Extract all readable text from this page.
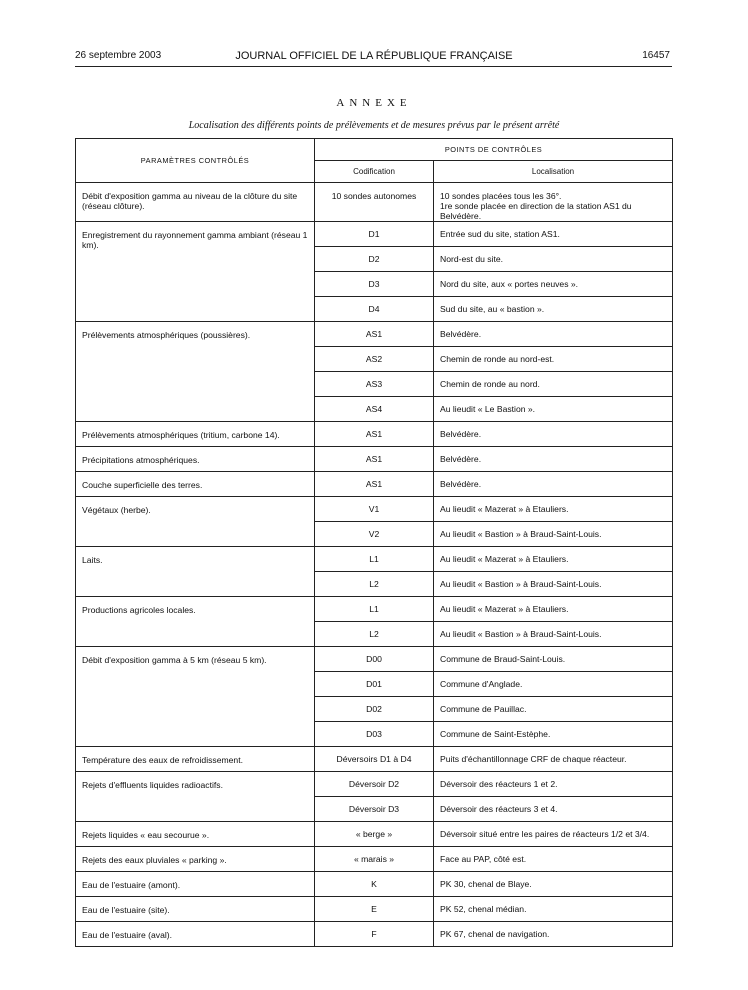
26 septembre 2003	JOURNAL OFFICIEL DE LA RÉPUBLIQUE FRANÇAISE	16457
ANNEXE
Localisation des différents points de prélèvements et de mesures prévus par le présent arrêté
PARAMÈTRES CONTRÔLÉS	POINTS DE CONTRÔLES	
	Codification	Localisation
Débit d'exposition gamma au niveau de la clôture du site (réseau clôture).	10 sondes autonomes	10 sondes placées tous les 36°.
1re sonde placée en direction de la station AS1 du Belvédère.
Enregistrement du rayonnement gamma ambiant (réseau 1 km).	D1	Entrée sud du site, station AS1.
	D2	Nord-est du site.
	D3	Nord du site, aux « portes neuves ».
	D4	Sud du site, au « bastion ».
Prélèvements atmosphériques (poussières).	AS1	Belvédère.
	AS2	Chemin de ronde au nord-est.
	AS3	Chemin de ronde au nord.
	AS4	Au lieudit « Le Bastion ».
Prélèvements atmosphériques (tritium, carbone 14).	AS1	Belvédère.
Précipitations atmosphériques.	AS1	Belvédère.
Couche superficielle des terres.	AS1	Belvédère.
Végétaux (herbe).	V1	Au lieudit « Mazerat » à Etauliers.
	V2	Au lieudit « Bastion » à Braud-Saint-Louis.
Laits.	L1	Au lieudit « Mazerat » à Etauliers.
	L2	Au lieudit « Bastion » à Braud-Saint-Louis.
Productions agricoles locales.	L1	Au lieudit « Mazerat » à Etauliers.
	L2	Au lieudit « Bastion » à Braud-Saint-Louis.
Débit d'exposition gamma à 5 km (réseau 5 km).	D00	Commune de Braud-Saint-Louis.
	D01	Commune d'Anglade.
	D02	Commune de Pauillac.
	D03	Commune de Saint-Estèphe.
Température des eaux de refroidissement.	Déversoirs D1 à D4	Puits d'échantillonnage CRF de chaque réacteur.
Rejets d'effluents liquides radioactifs.	Déversoir D2	Déversoir des réacteurs 1 et 2.
	Déversoir D3	Déversoir des réacteurs 3 et 4.
Rejets liquides « eau secourue ».	« berge »	Déversoir situé entre les paires de réacteurs 1/2 et 3/4.
Rejets des eaux pluviales « parking ».	« marais »	Face au PAP, côté est.
Eau de l'estuaire (amont).	K	PK 30, chenal de Blaye.
Eau de l'estuaire (site).	E	PK 52, chenal médian.
Eau de l'estuaire (aval).	F	PK 67, chenal de navigation.
